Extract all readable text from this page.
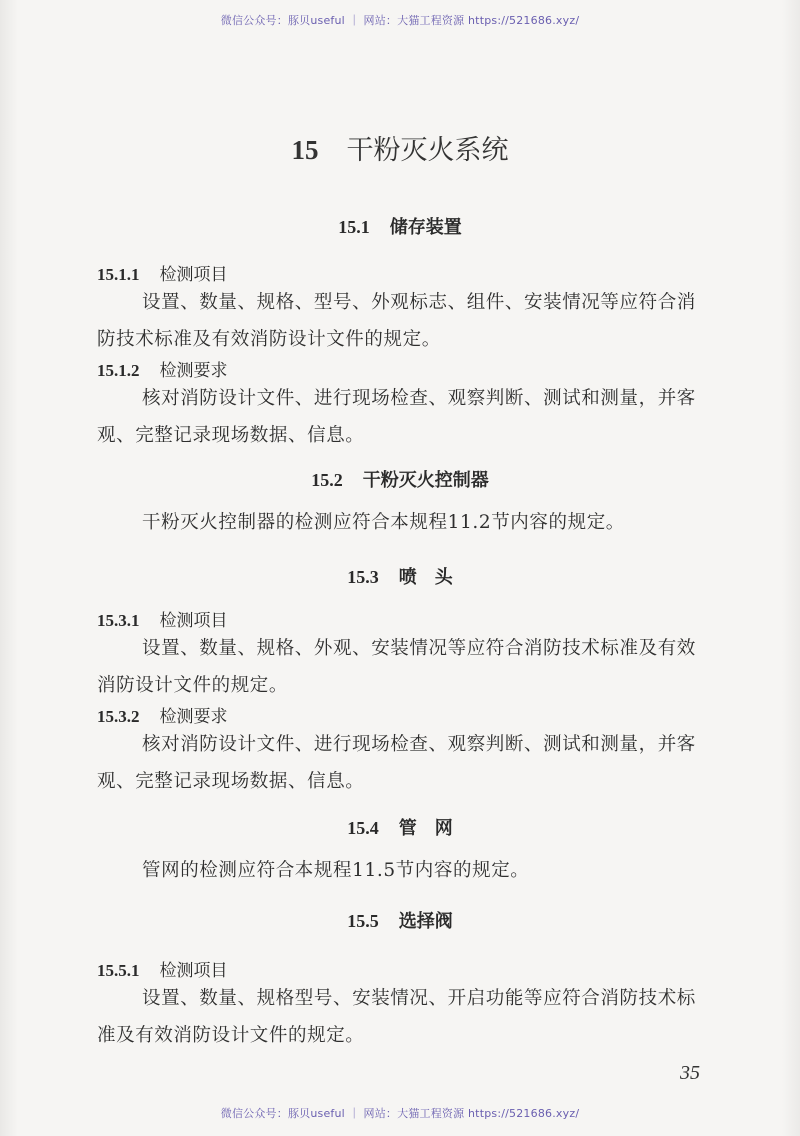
微信公众号：豚贝useful ｜ 网站：大猫工程资源 https://521686.xyz/
15 干粉灭火系统
15.1 储存装置
15.1.1 检测项目
设置、数量、规格、型号、外观标志、组件、安装情况等应符合消防技术标准及有效消防设计文件的规定。
15.1.2 检测要求
核对消防设计文件、进行现场检查、观察判断、测试和测量，并客观、完整记录现场数据、信息。
15.2 干粉灭火控制器
干粉灭火控制器的检测应符合本规程11.2节内容的规定。
15.3 喷　头
15.3.1 检测项目
设置、数量、规格、外观、安装情况等应符合消防技术标准及有效消防设计文件的规定。
15.3.2 检测要求
核对消防设计文件、进行现场检查、观察判断、测试和测量，并客观、完整记录现场数据、信息。
15.4 管　网
管网的检测应符合本规程11.5节内容的规定。
15.5 选择阀
15.5.1 检测项目
设置、数量、规格型号、安装情况、开启功能等应符合消防技术标准及有效消防设计文件的规定。
35
微信公众号：豚贝useful ｜ 网站：大猫工程资源 https://521686.xyz/
